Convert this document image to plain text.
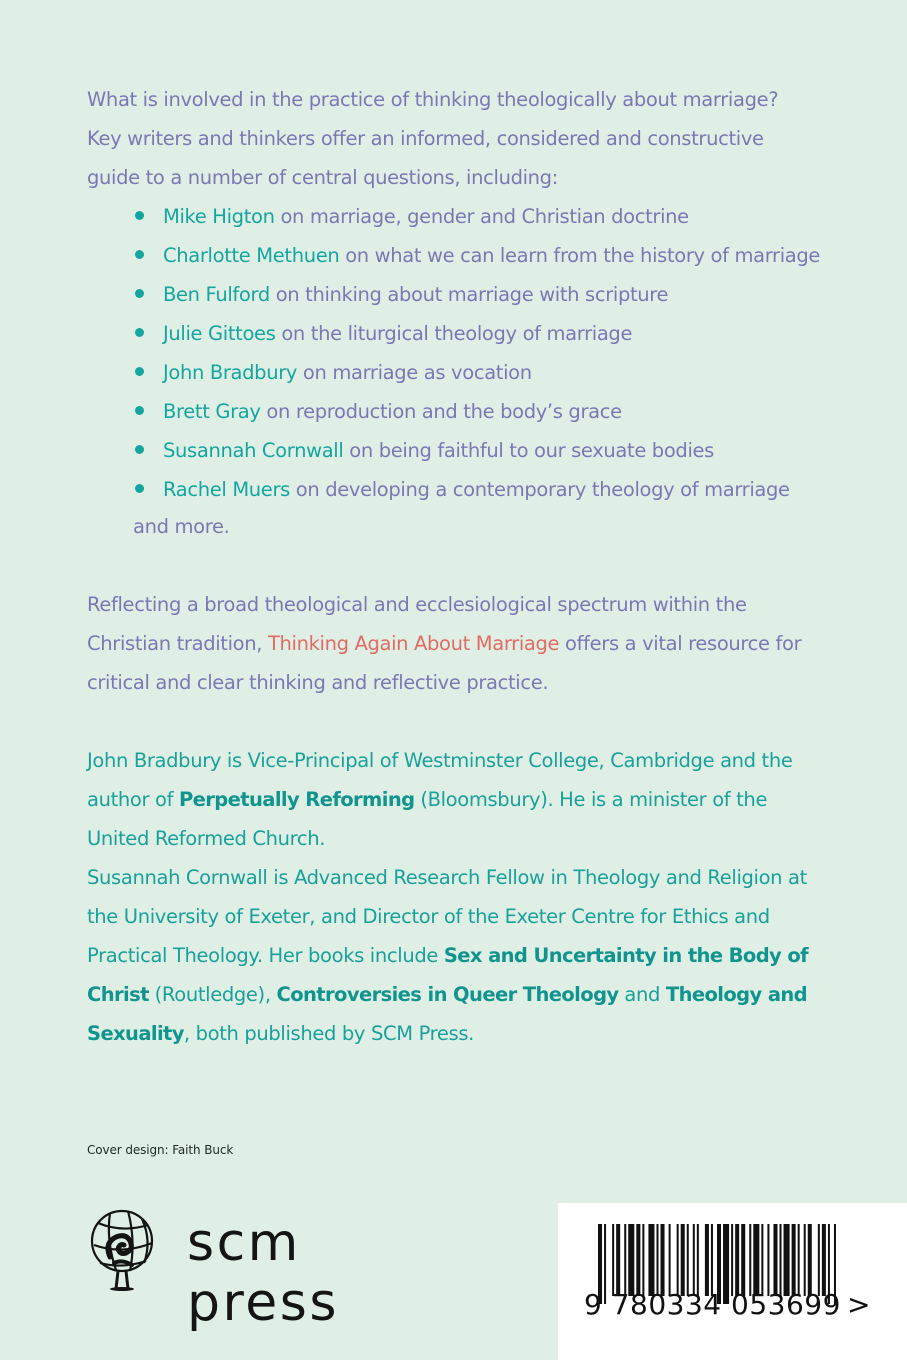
What is involved in the practice of thinking theologically about marriage? Key writers and thinkers offer an informed, considered and constructive guide to a number of central questions, including:
Mike Higton on marriage, gender and Christian doctrine
Charlotte Methuen on what we can learn from the history of marriage
Ben Fulford on thinking about marriage with scripture
Julie Gittoes on the liturgical theology of marriage
John Bradbury on marriage as vocation
Brett Gray on reproduction and the body’s grace
Susannah Cornwall on being faithful to our sexuate bodies
Rachel Muers on developing a contemporary theology of marriage
and more.
Reflecting a broad theological and ecclesiological spectrum within the Christian tradition, Thinking Again About Marriage offers a vital resource for critical and clear thinking and reflective practice.
John Bradbury is Vice-Principal of Westminster College, Cambridge and the author of Perpetually Reforming (Bloomsbury). He is a minister of the United Reformed Church.
Susannah Cornwall is Advanced Research Fellow in Theology and Religion at the University of Exeter, and Director of the Exeter Centre for Ethics and Practical Theology. Her books include Sex and Uncertainty in the Body of Christ (Routledge), Controversies in Queer Theology and Theology and Sexuality, both published by SCM Press.
Cover design: Faith Buck
scm press	9 780334 053699 >
